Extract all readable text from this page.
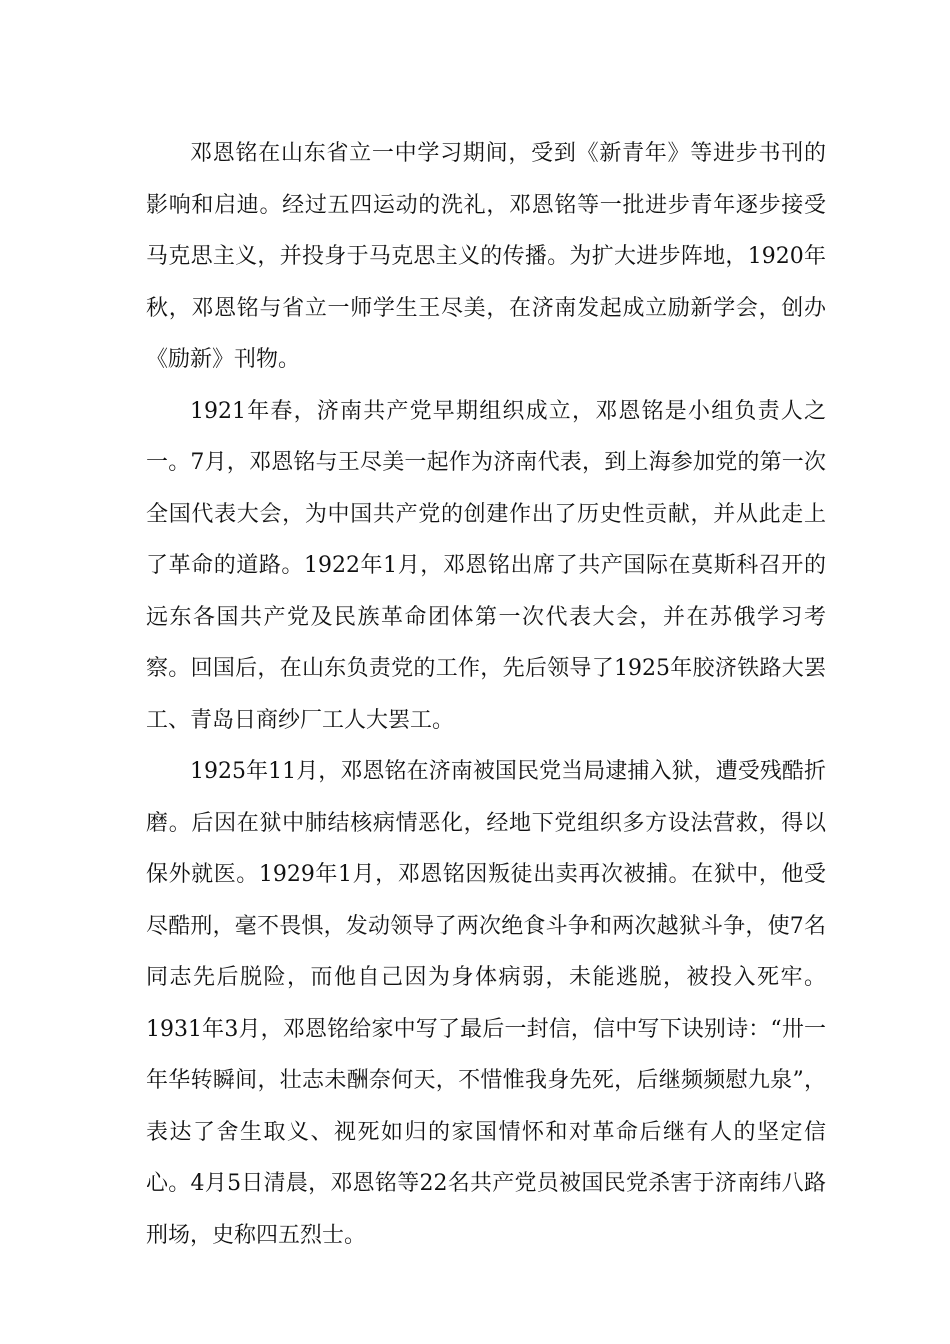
邓恩铭在山东省立一中学习期间，受到《新青年》等进步书刊的影响和启迪。经过五四运动的洗礼，邓恩铭等一批进步青年逐步接受马克思主义，并投身于马克思主义的传播。为扩大进步阵地，1920年秋，邓恩铭与省立一师学生王尽美，在济南发起成立励新学会，创办《励新》刊物。

1921年春，济南共产党早期组织成立，邓恩铭是小组负责人之一。7月，邓恩铭与王尽美一起作为济南代表，到上海参加党的第一次全国代表大会，为中国共产党的创建作出了历史性贡献，并从此走上了革命的道路。1922年1月，邓恩铭出席了共产国际在莫斯科召开的远东各国共产党及民族革命团体第一次代表大会，并在苏俄学习考察。回国后，在山东负责党的工作，先后领导了1925年胶济铁路大罢工、青岛日商纱厂工人大罢工。

1925年11月，邓恩铭在济南被国民党当局逮捕入狱，遭受残酷折磨。后因在狱中肺结核病情恶化，经地下党组织多方设法营救，得以保外就医。1929年1月，邓恩铭因叛徒出卖再次被捕。在狱中，他受尽酷刑，毫不畏惧，发动领导了两次绝食斗争和两次越狱斗争，使7名同志先后脱险，而他自己因为身体病弱，未能逃脱，被投入死牢。1931年3月，邓恩铭给家中写了最后一封信，信中写下诀别诗：“卅一年华转瞬间，壮志未酬奈何天，不惜惟我身先死，后继频频慰九泉”，表达了舍生取义、视死如归的家国情怀和对革命后继有人的坚定信心。4月5日清晨，邓恩铭等22名共产党员被国民党杀害于济南纬八路刑场，史称四五烈士。
